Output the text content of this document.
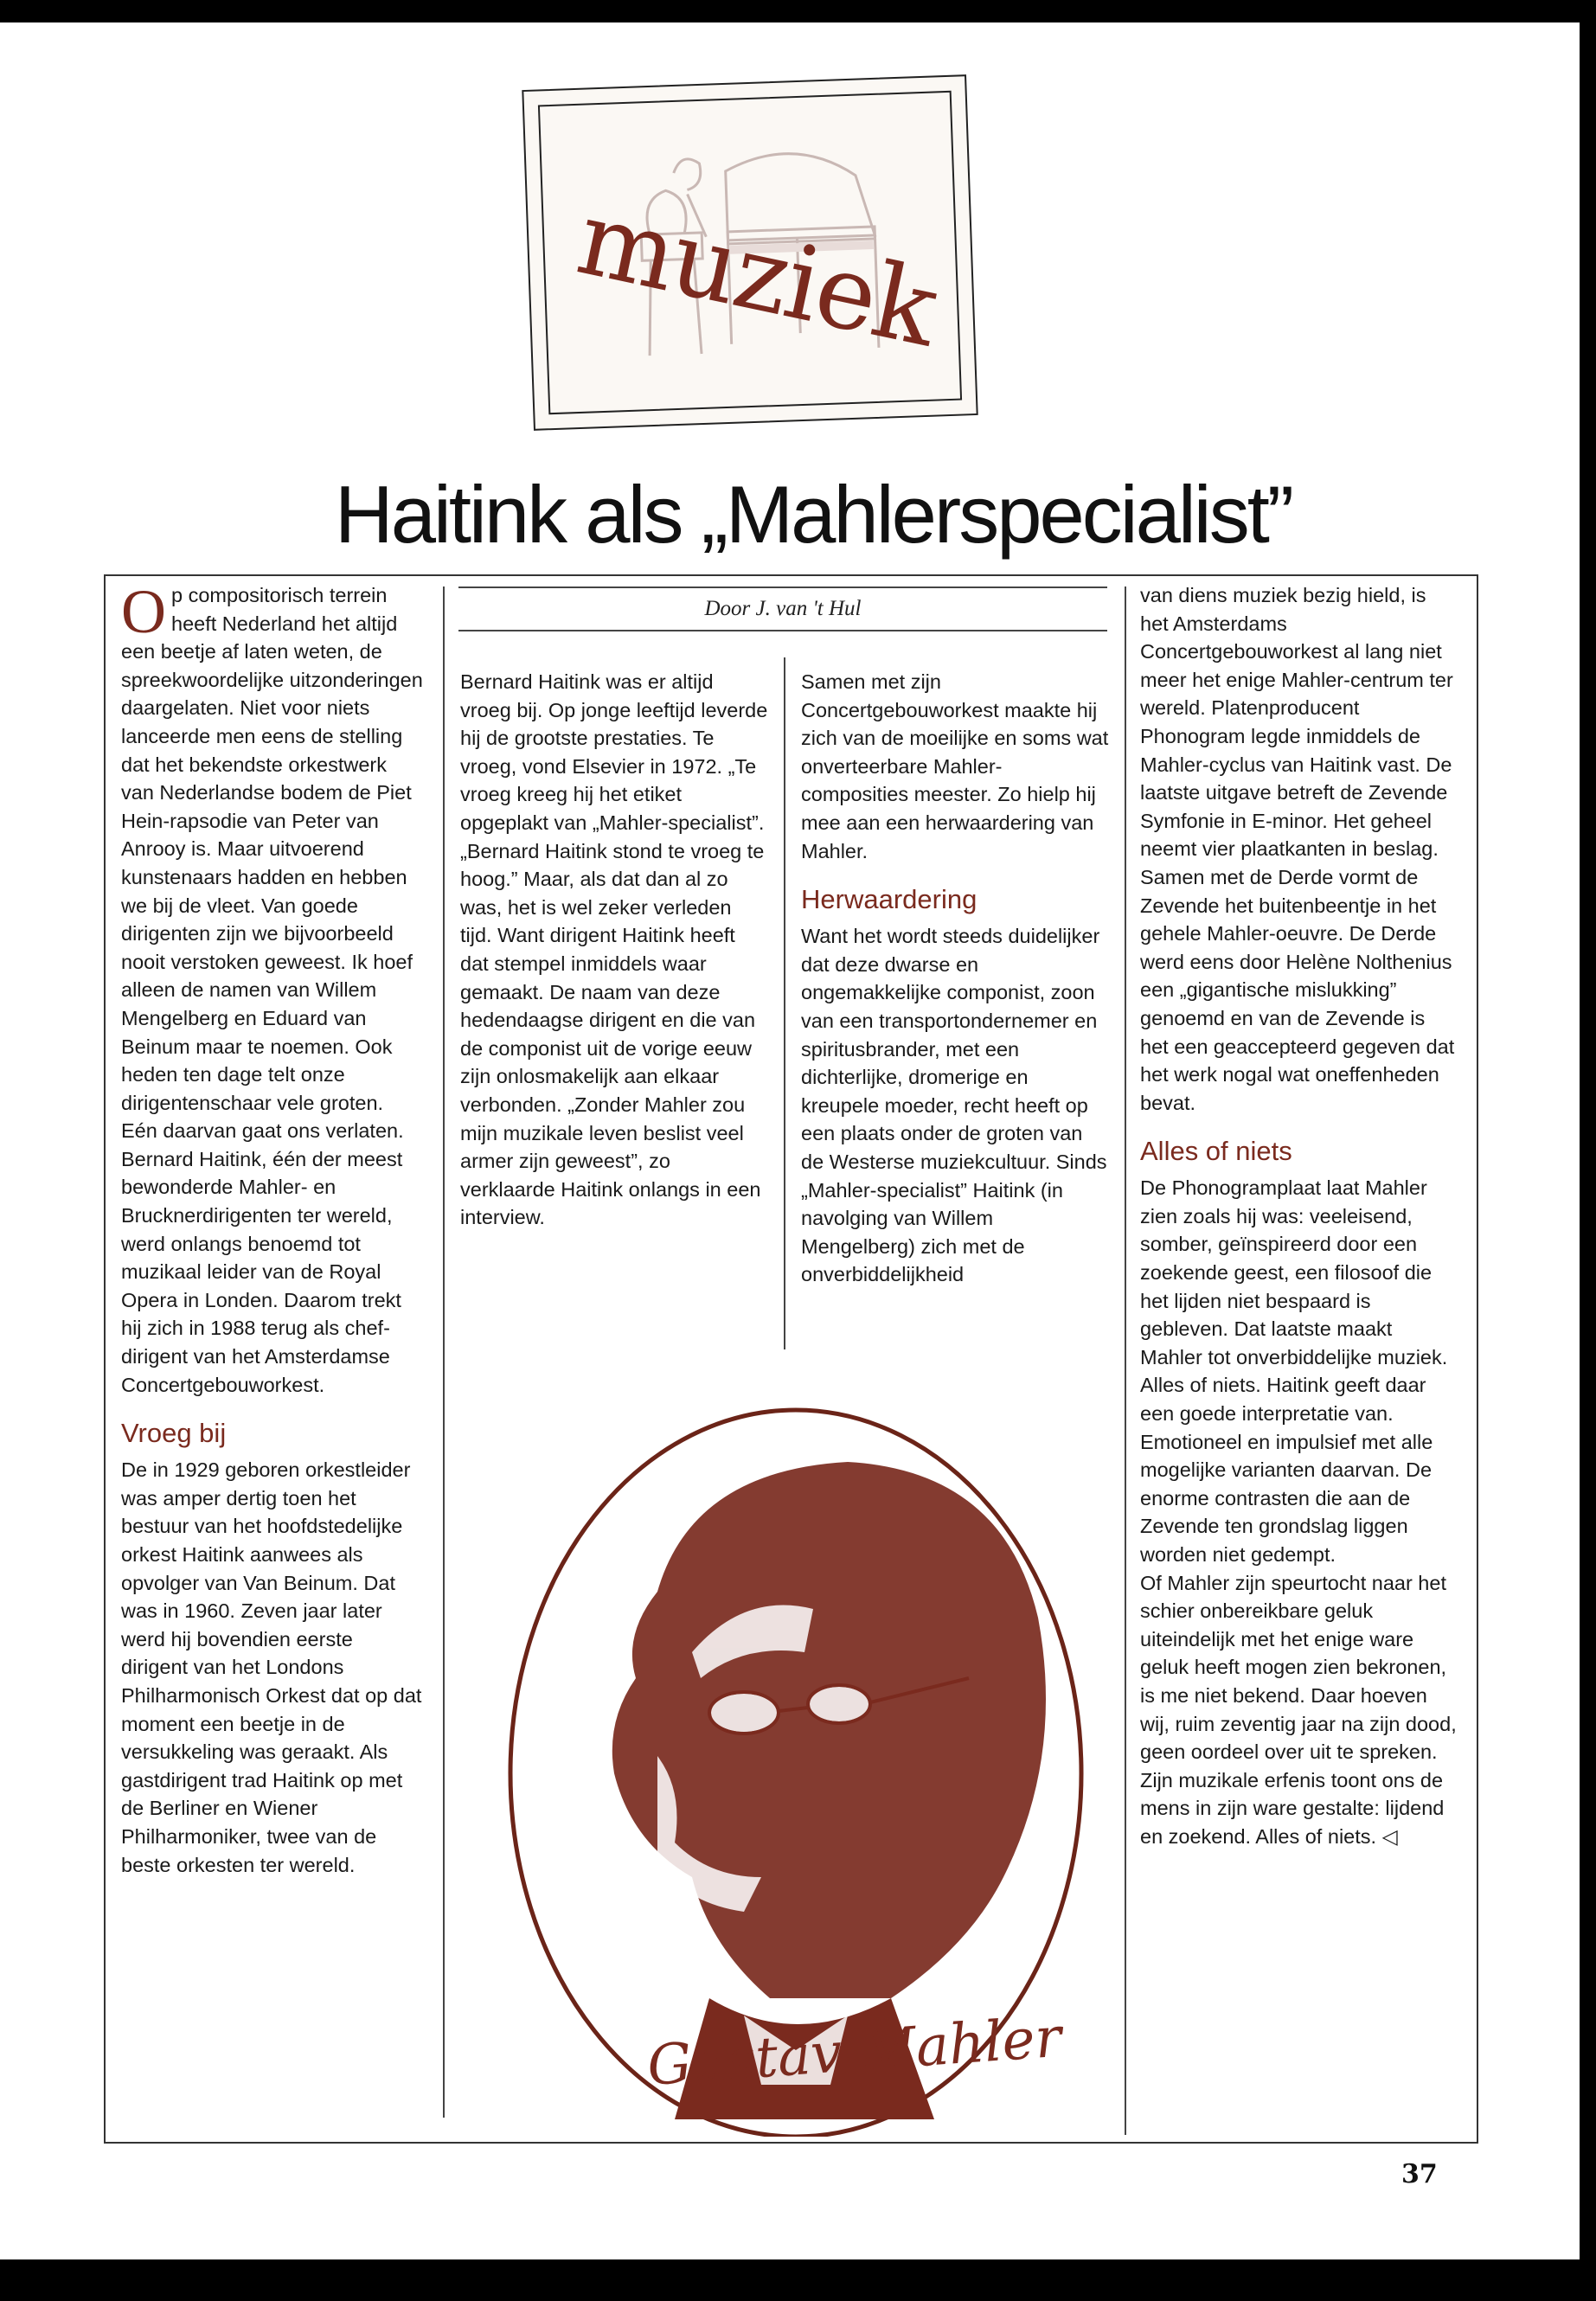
muziek
Haitink als „Mahlerspecialist”
Door J. van 't Hul

Op compositorisch terrein heeft Nederland het altijd een beetje af laten weten, de spreekwoordelijke uitzonderingen daargelaten. Niet voor niets lanceerde men eens de stelling dat het bekendste orkestwerk van Nederlandse bodem de Piet Hein-rapsodie van Peter van Anrooy is. Maar uitvoerend kunstenaars hadden en hebben we bij de vleet. Van goede dirigenten zijn we bijvoorbeeld nooit verstoken geweest. Ik hoef alleen de namen van Willem Mengelberg en Eduard van Beinum maar te noemen. Ook heden ten dage telt onze dirigentenschaar vele groten.

Eén daarvan gaat ons verlaten. Bernard Haitink, één der meest bewonderde Mahler- en Brucknerdirigenten ter wereld, werd onlangs benoemd tot muzikaal leider van de Royal Opera in Londen. Daarom trekt hij zich in 1988 terug als chef-dirigent van het Amsterdamse Concertgebouworkest.

Vroeg bij

De in 1929 geboren orkestleider was amper dertig toen het bestuur van het hoofdstedelijke orkest Haitink aanwees als opvolger van Van Beinum. Dat was in 1960. Zeven jaar later werd hij bovendien eerste dirigent van het Londons Philharmonisch Orkest dat op dat moment een beetje in de versukkeling was geraakt. Als gastdirigent trad Haitink op met de Berliner en Wiener Philharmoniker, twee van de beste orkesten ter wereld.

Bernard Haitink was er altijd vroeg bij. Op jonge leeftijd leverde hij de grootste prestaties. Te vroeg, vond Elsevier in 1972. „Te vroeg kreeg hij het etiket opgeplakt van „Mahler-specialist”. „Bernard Haitink stond te vroeg te hoog.” Maar, als dat dan al zo was, het is wel zeker verleden tijd. Want dirigent Haitink heeft dat stempel inmiddels waar gemaakt. De naam van deze hedendaagse dirigent en die van de componist uit de vorige eeuw zijn onlosmakelijk aan elkaar verbonden. „Zonder Mahler zou mijn muzikale leven beslist veel armer zijn geweest”, zo verklaarde Haitink onlangs in een interview.

Samen met zijn Concertgebouworkest maakte hij zich van de moeilijke en soms wat onverteerbare Mahler-composities meester. Zo hielp hij mee aan een herwaardering van Mahler.

Herwaardering

Want het wordt steeds duidelijker dat deze dwarse en ongemakkelijke componist, zoon van een transportondernemer en spiritusbrander, met een dichterlijke, dromerige en kreupele moeder, recht heeft op een plaats onder de groten van de Westerse muziekcultuur. Sinds „Mahler-specialist” Haitink (in navolging van Willem Mengelberg) zich met de onverbiddelijkheid

van diens muziek bezig hield, is het Amsterdams Concertgebouworkest al lang niet meer het enige Mahler-centrum ter wereld. Platenproducent Phonogram legde inmiddels de Mahler-cyclus van Haitink vast. De laatste uitgave betreft de Zevende Symfonie in E-minor. Het geheel neemt vier plaatkanten in beslag. Samen met de Derde vormt de Zevende het buitenbeentje in het gehele Mahler-oeuvre. De Derde werd eens door Helène Nolthenius een „gigantische mislukking” genoemd en van de Zevende is het een geaccepteerd gegeven dat het werk nogal wat oneffenheden bevat.

Alles of niets

De Phonogramplaat laat Mahler zien zoals hij was: veeleisend, somber, geïnspireerd door een zoekende geest, een filosoof die het lijden niet bespaard is gebleven. Dat laatste maakt Mahler tot onverbiddelijke muziek. Alles of niets. Haitink geeft daar een goede interpretatie van. Emotioneel en impulsief met alle mogelijke varianten daarvan. De enorme contrasten die aan de Zevende ten grondslag liggen worden niet gedempt.

Of Mahler zijn speurtocht naar het schier onbereikbare geluk uiteindelijk met het enige ware geluk heeft mogen zien bekronen, is me niet bekend. Daar hoeven wij, ruim zeventig jaar na zijn dood, geen oordeel over uit te spreken. Zijn muzikale erfenis toont ons de mens in zijn ware gestalte: lijdend en zoekend. Alles of niets. ◁

Gustav Mahler
37
